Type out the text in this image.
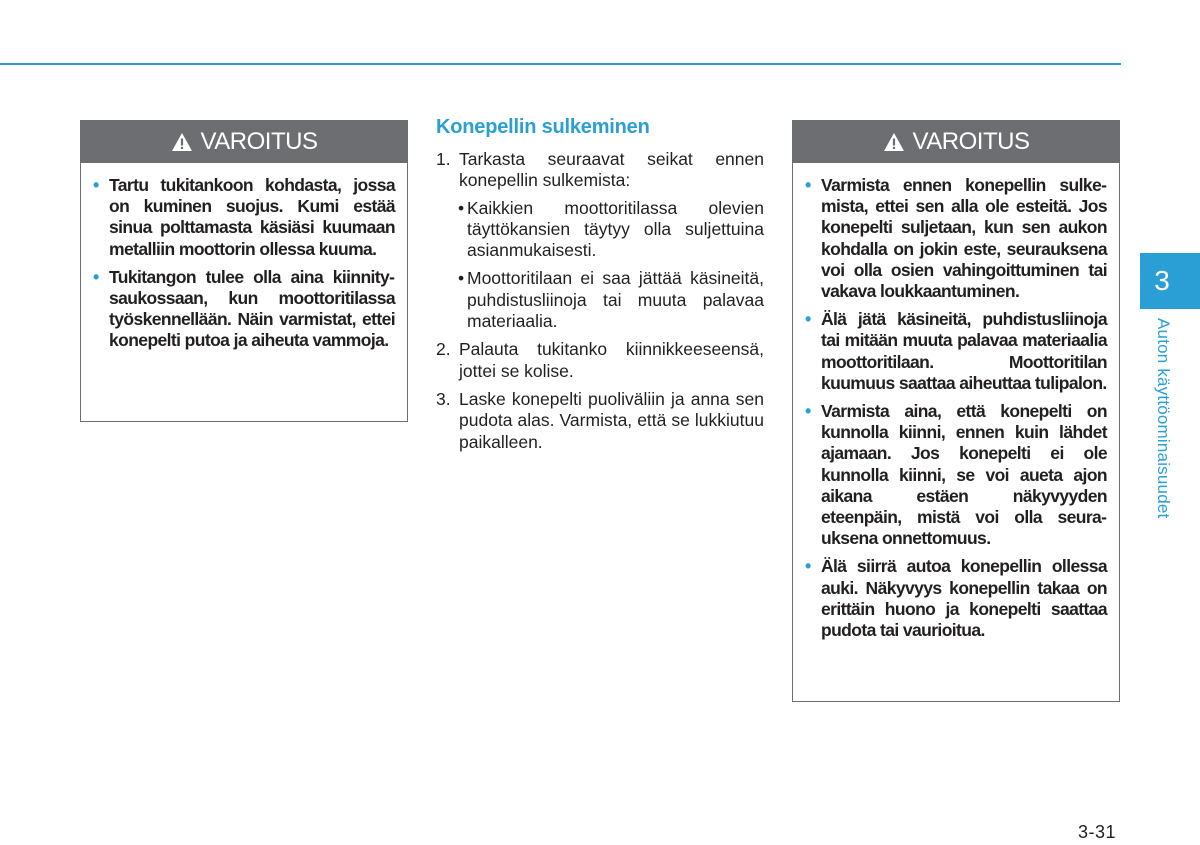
VAROITUS
• Tartu tukitankoon kohdasta, jossa on kuminen suojus. Kumi estää sinua polttamasta käsiäsi kuumaan metalliin moottorin ollessa kuuma.
• Tukitangon tulee olla aina kiinnitysaukossaan, kun moottoritilassa työskennellään. Näin varmistat, ettei konepelti putoa ja aiheuta vammoja.
Konepellin sulkeminen
1. Tarkasta seuraavat seikat ennen konepellin sulkemista:
• Kaikkien moottoritilassa olevien täyttökansien täytyy olla suljettuina asianmukaisesti.
• Moottoritilaan ei saa jättää käsineitä, puhdistusliinoja tai muuta palavaa materiaalia.
2. Palauta tukitanko kiinnikkeeseensä, jottei se kolise.
3. Laske konepelti puoliväliin ja anna sen pudota alas. Varmista, että se lukkiutuu paikalleen.
VAROITUS
• Varmista ennen konepellin sulkemista, ettei sen alla ole esteitä. Jos konepelti suljetaan, kun sen aukon kohdalla on jokin este, seurauksena voi olla osien vahingoittuminen tai vakava loukkaantuminen.
• Älä jätä käsineitä, puhdistusliinoja tai mitään muuta palavaa materiaalia moottoritilaan. Moottoritilan kuumuus saattaa aiheuttaa tulipalon.
• Varmista aina, että konepelti on kunnolla kiinni, ennen kuin lähdet ajamaan. Jos konepelti ei ole kunnolla kiinni, se voi aueta ajon aikana estäen näkyvyyden eteenpäin, mistä voi olla seurauksena onnettomuus.
• Älä siirrä autoa konepellin ollessa auki. Näkyvyys konepellin takaa on erittäin huono ja konepelti saattaa pudota tai vaurioitua.
3
Auton käyttöominaisuudet
3-31
